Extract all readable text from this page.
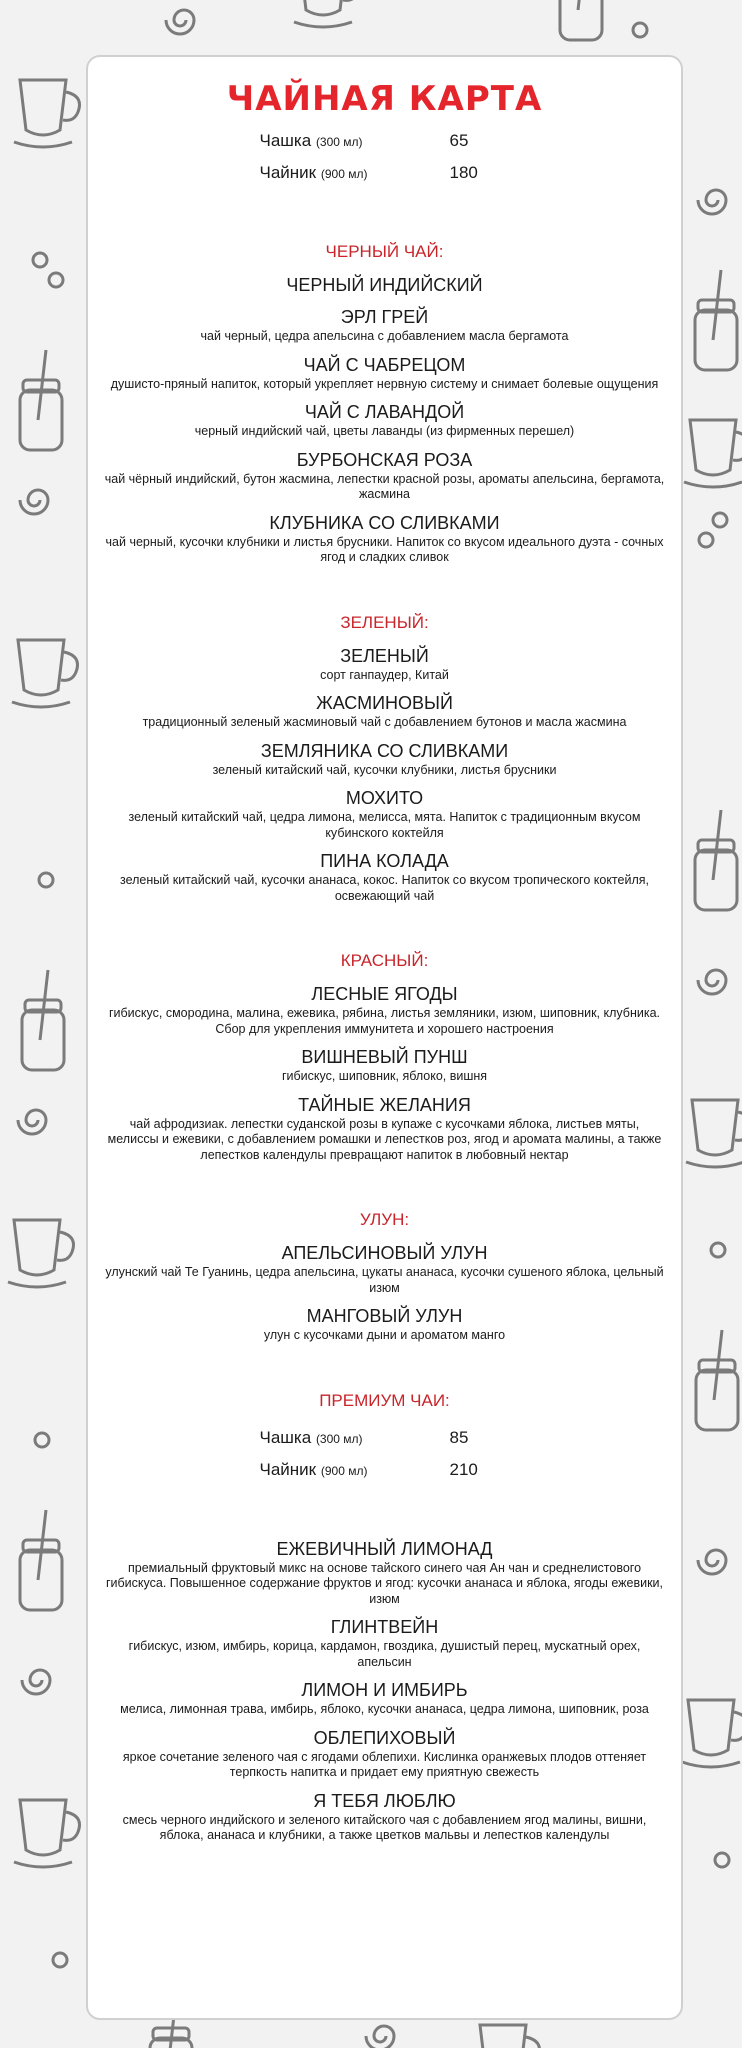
ЧАЙНАЯ КАРТА
Чашка (300 мл)	65
Чайник (900 мл)	180
ЧЕРНЫЙ ЧАЙ:
ЧЕРНЫЙ ИНДИЙСКИЙ
ЭРЛ ГРЕЙ
чай черный, цедра апельсина с добавлением масла бергамота
ЧАЙ С ЧАБРЕЦОМ
душисто-пряный напиток, который укрепляет нервную систему и снимает болевые ощущения
ЧАЙ С ЛАВАНДОЙ
черный индийский чай, цветы лаванды (из фирменных перешел)
БУРБОНСКАЯ РОЗА
чай чёрный индийский, бутон жасмина, лепестки красной розы, ароматы апельсина, бергамота, жасмина
КЛУБНИКА СО СЛИВКАМИ
чай черный, кусочки клубники и листья брусники. Напиток со вкусом идеального дуэта - сочных ягод и сладких сливок
ЗЕЛЕНЫЙ:
ЗЕЛЕНЫЙ
сорт ганпаудер, Китай
ЖАСМИНОВЫЙ
традиционный зеленый жасминовый чай с добавлением бутонов и масла жасмина
ЗЕМЛЯНИКА СО СЛИВКАМИ
зеленый китайский чай, кусочки клубники, листья брусники
МОХИТО
зеленый китайский чай, цедра лимона, мелисса, мята. Напиток с традиционным вкусом кубинского коктейля
ПИНА КОЛАДА
зеленый китайский чай, кусочки ананаса, кокос. Напиток со вкусом тропического коктейля, освежающий чай
КРАСНЫЙ:
ЛЕСНЫЕ ЯГОДЫ
гибискус, смородина, малина, ежевика, рябина, листья земляники, изюм, шиповник, клубника. Сбор для укрепления иммунитета и хорошего настроения
ВИШНЕВЫЙ ПУНШ
гибискус, шиповник, яблоко, вишня
ТАЙНЫЕ ЖЕЛАНИЯ
чай афродизиак. лепестки суданской розы в купаже с кусочками яблока, листьев мяты, мелиссы и ежевики, с добавлением ромашки и лепестков роз, ягод и аромата малины, а также лепестков календулы превращают напиток в любовный нектар
УЛУН:
АПЕЛЬСИНОВЫЙ УЛУН
улунский чай Те Гуанинь, цедра апельсина, цукаты ананаса, кусочки сушеного яблока, цельный изюм
МАНГОВЫЙ УЛУН
улун с кусочками дыни и ароматом манго
ПРЕМИУМ ЧАИ:
Чашка (300 мл)	85
Чайник (900 мл)	210
ЕЖЕВИЧНЫЙ ЛИМОНАД
премиальный фруктовый микс на основе тайского синего чая Ан чан и среднелистового гибискуса. Повышенное содержание фруктов и ягод: кусочки ананаса и яблока, ягоды ежевики, изюм
ГЛИНТВЕЙН
гибискус, изюм, имбирь, корица, кардамон, гвоздика, душистый перец, мускатный орех, апельсин
ЛИМОН И ИМБИРЬ
мелиса, лимонная трава, имбирь, яблоко, кусочки ананаса, цедра лимона, шиповник, роза
ОБЛЕПИХОВЫЙ
яркое сочетание зеленого чая с ягодами облепихи. Кислинка оранжевых плодов оттеняет терпкость напитка и придает ему приятную свежесть
Я ТЕБЯ ЛЮБЛЮ
смесь черного индийского и зеленого китайского чая с добавлением ягод малины, вишни, яблока, ананаса и клубники, а также цветков мальвы и лепестков календулы
